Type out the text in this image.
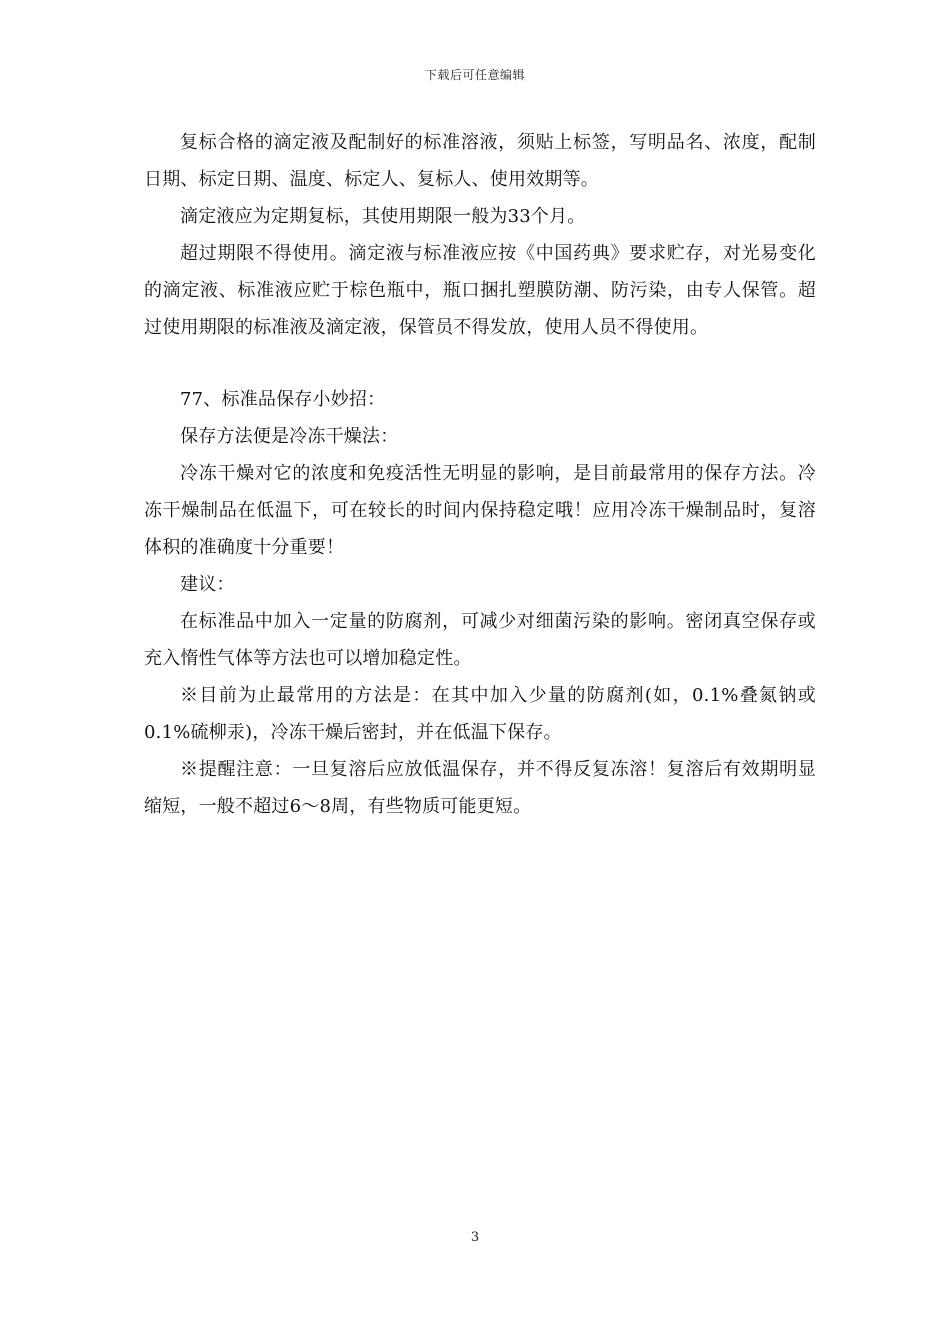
下载后可任意编辑

复标合格的滴定液及配制好的标准溶液，须贴上标签，写明品名、浓度，配制日期、标定日期、温度、标定人、复标人、使用效期等。

滴定液应为定期复标，其使用期限一般为33个月。

超过期限不得使用。滴定液与标准液应按《中国药典》要求贮存，对光易变化的滴定液、标准液应贮于棕色瓶中，瓶口捆扎塑膜防潮、防污染，由专人保管。超过使用期限的标准液及滴定液，保管员不得发放，使用人员不得使用。

77、标准品保存小妙招：

保存方法便是冷冻干燥法：

冷冻干燥对它的浓度和免疫活性无明显的影响，是目前最常用的保存方法。冷冻干燥制品在低温下，可在较长的时间内保持稳定哦！应用冷冻干燥制品时，复溶体积的准确度十分重要！

建议：

在标准品中加入一定量的防腐剂，可减少对细菌污染的影响。密闭真空保存或充入惰性气体等方法也可以增加稳定性。

※目前为止最常用的方法是：在其中加入少量的防腐剂(如，0.1%叠氮钠或0.1%硫柳汞)，冷冻干燥后密封，并在低温下保存。

※提醒注意：一旦复溶后应放低温保存，并不得反复冻溶！复溶后有效期明显缩短，一般不超过6～8周，有些物质可能更短。

3
